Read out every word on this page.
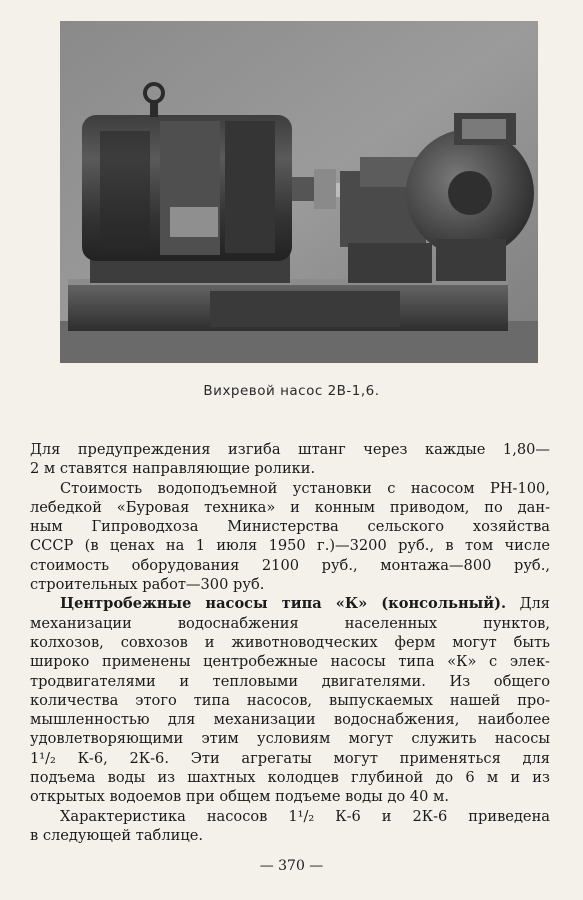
Вихревой насос 2В-1,6.

Для предупреждения изгиба штанг через каждые 1,80—
2 м ставятся направляющие ролики.

Стоимость водоподъемной установки с насосом РН-100,
лебедкой «Буровая техника» и конным приводом, по дан-
ным Гипроводхоза Министерства сельского хозяйства
СССР (в ценах на 1 июля 1950 г.)—3200 руб., в том числе
стоимость оборудования 2100 руб., монтажа—800 руб.,
строительных работ—300 руб.

Центробежные насосы типа «К» (консольный). Для
механизации водоснабжения населенных пунктов,
колхозов, совхозов и животноводческих ферм могут быть
широко применены центробежные насосы типа «К» с элек-
тродвигателями и тепловыми двигателями. Из общего
количества этого типа насосов, выпускаемых нашей про-
мышленностью для механизации водоснабжения, наиболее
удовлетворяющими этим условиям могут служить насосы
1¹/₂ К-6, 2К-6. Эти агрегаты могут применяться для
подъема воды из шахтных колодцев глубиной до 6 м и из
открытых водоемов при общем подъеме воды до 40 м.

Характеристика насосов 1¹/₂ К-6 и 2К-6 приведена
в следующей таблице.

— 370 —
